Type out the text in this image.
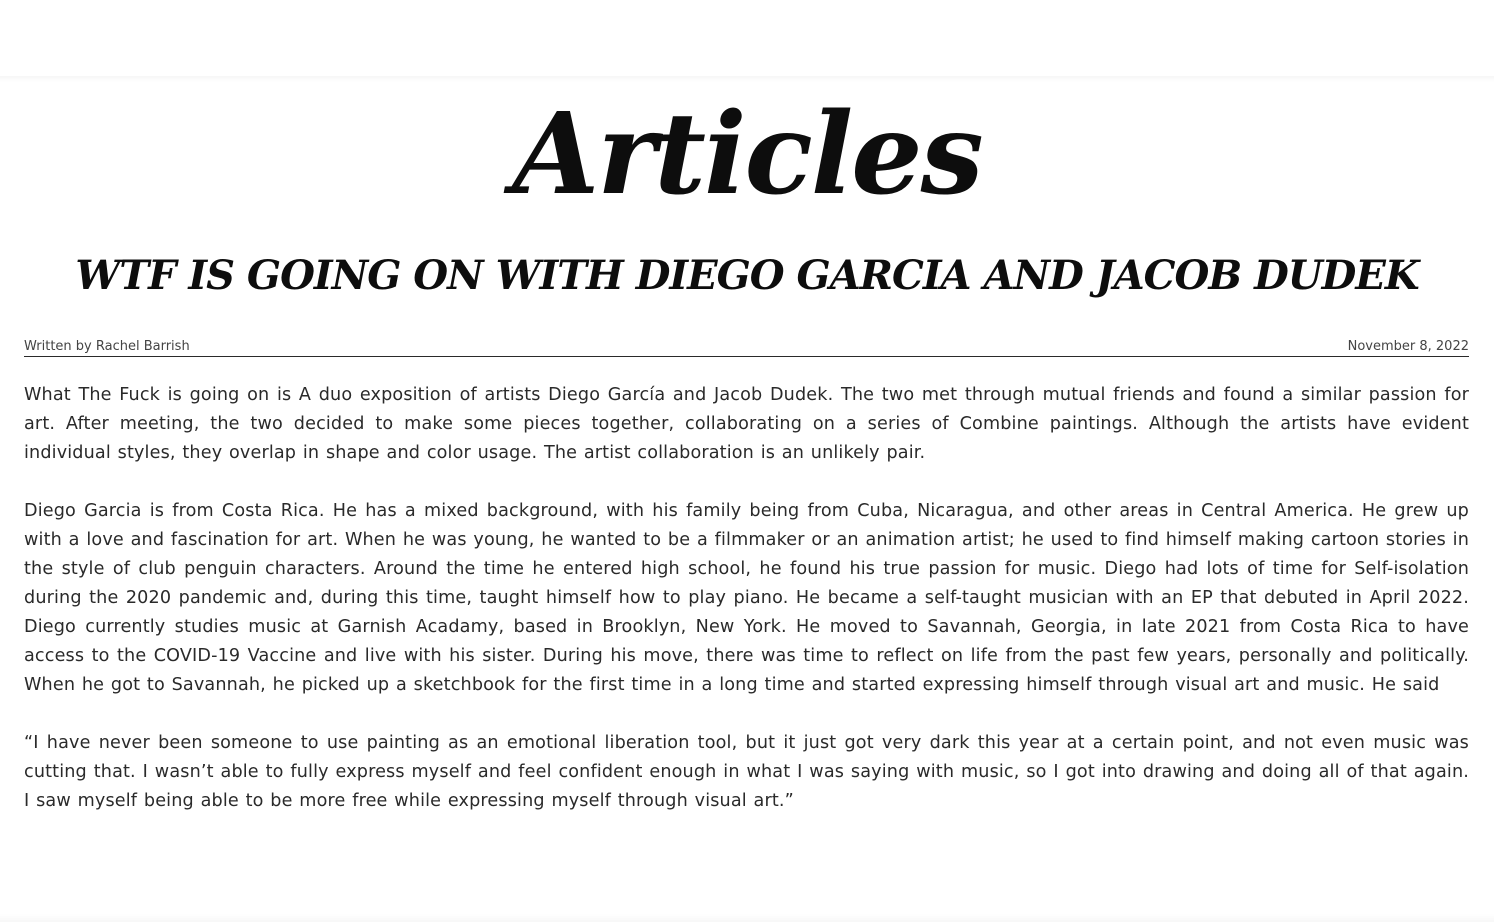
Articles
WTF IS GOING ON WITH DIEGO GARCIA AND JACOB DUDEK
Written by Rachel Barrish	November 8, 2022

What The Fuck is going on is A duo exposition of artists Diego García and Jacob Dudek. The two met through mutual friends and found a similar passion for art. After meeting, the two decided to make some pieces together, collaborating on a series of Combine paintings. Although the artists have evident individual styles, they overlap in shape and color usage. The artist collaboration is an unlikely pair.

Diego Garcia is from Costa Rica. He has a mixed background, with his family being from Cuba, Nicaragua, and other areas in Central America. He grew up with a love and fascination for art. When he was young, he wanted to be a filmmaker or an animation artist; he used to find himself making cartoon stories in the style of club penguin characters. Around the time he entered high school, he found his true passion for music. Diego had lots of time for Self-isolation during the 2020 pandemic and, during this time, taught himself how to play piano. He became a self-taught musician with an EP that debuted in April 2022. Diego currently studies music at Garnish Acadamy, based in Brooklyn, New York. He moved to Savannah, Georgia, in late 2021 from Costa Rica to have access to the COVID-19 Vaccine and live with his sister. During his move, there was time to reflect on life from the past few years, personally and politically. When he got to Savannah, he picked up a sketchbook for the first time in a long time and started expressing himself through visual art and music. He said

“I have never been someone to use painting as an emotional liberation tool, but it just got very dark this year at a certain point, and not even music was cutting that. I wasn’t able to fully express myself and feel confident enough in what I was saying with music, so I got into drawing and doing all of that again. I saw myself being able to be more free while expressing myself through visual art.”
